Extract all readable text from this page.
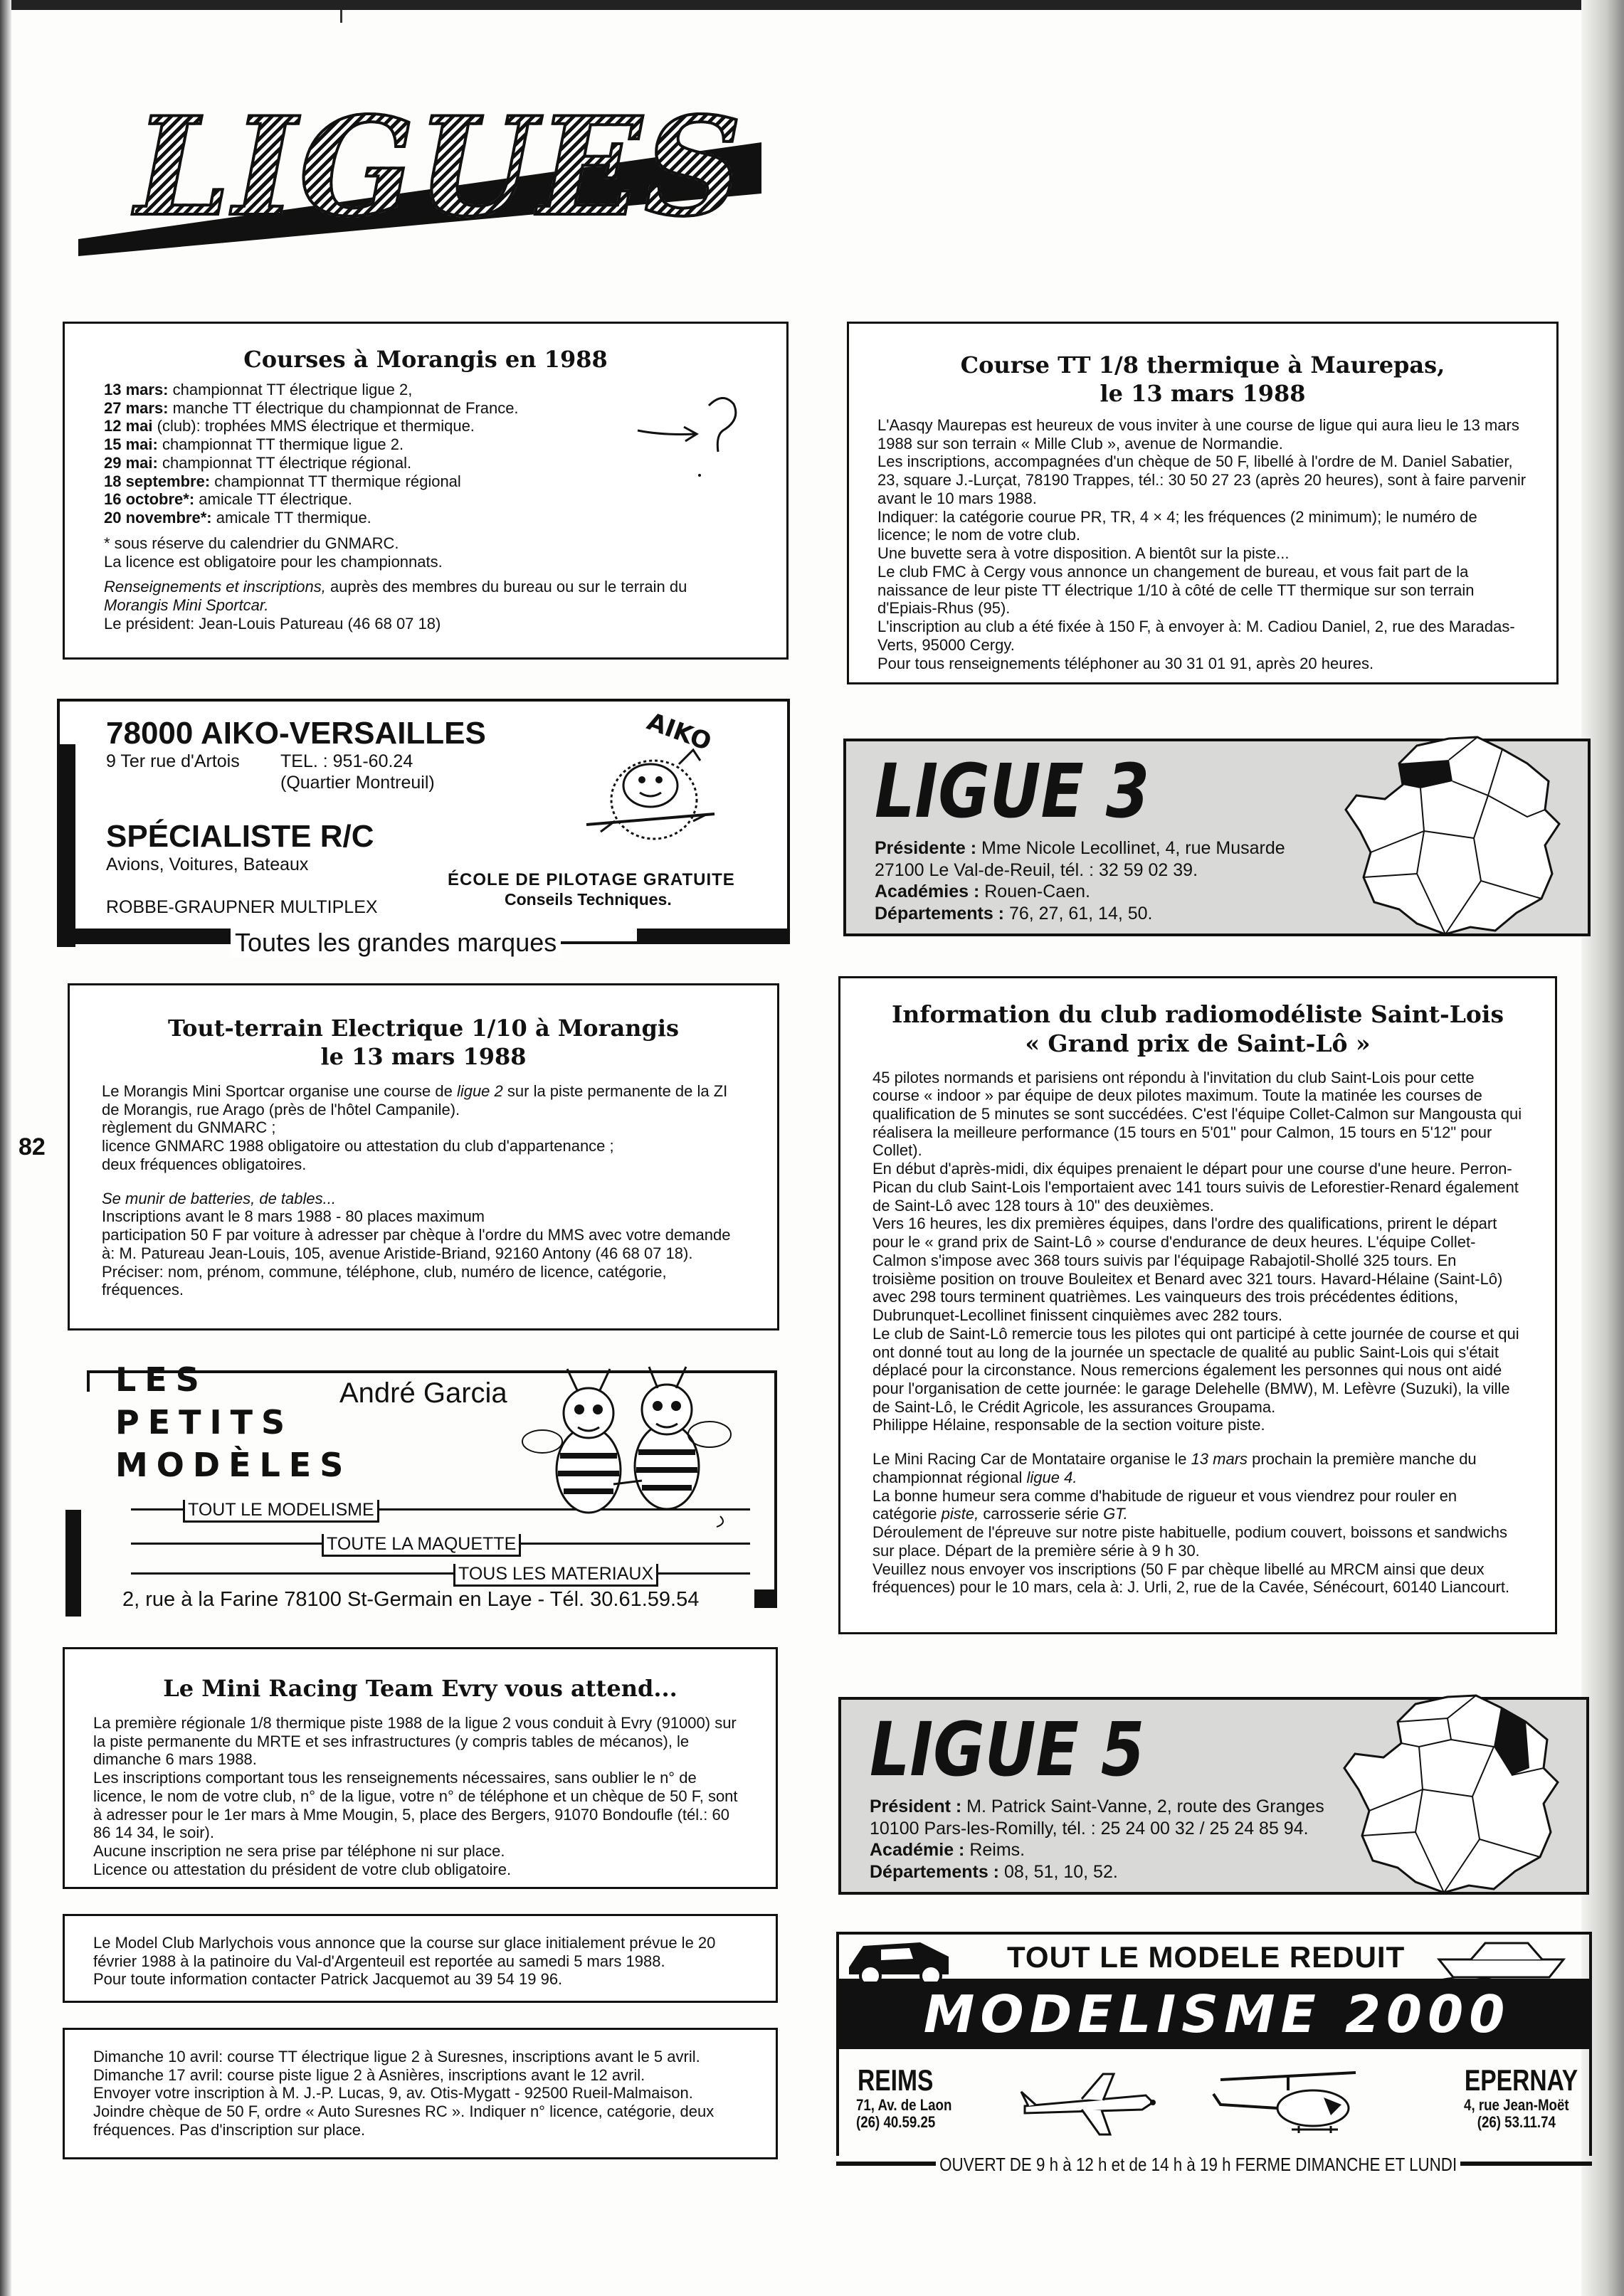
LIGUES
Courses à Morangis en 1988
13 mars: championnat TT électrique ligue 2,
27 mars: manche TT électrique du championnat de France.
12 mai (club): trophées MMS électrique et thermique.
15 mai: championnat TT thermique ligue 2.
29 mai: championnat TT électrique régional.
18 septembre: championnat TT thermique régional
16 octobre*: amicale TT électrique.
20 novembre*: amicale TT thermique.

* sous réserve du calendrier du GNMARC.

La licence est obligatoire pour les championnats.

Renseignements et inscriptions, auprès des membres du bureau ou sur le terrain du

Morangis Mini Sportcar.

Le président: Jean-Louis Patureau (46 68 07 18)

Course TT 1/8 thermique à Maurepas,
le 13 mars 1988

L'Aasqy Maurepas est heureux de vous inviter à une course de ligue qui aura lieu le 13 mars 1988 sur son terrain « Mille Club », avenue de Normandie.
Les inscriptions, accompagnées d'un chèque de 50 F, libellé à l'ordre de M. Daniel Sabatier, 23, square J.-Lurçat, 78190 Trappes, tél.: 30 50 27 23 (après 20 heures), sont à faire parvenir avant le 10 mars 1988.
Indiquer: la catégorie courue PR, TR, 4 × 4; les fréquences (2 minimum); le numéro de licence; le nom de votre club.
Une buvette sera à votre disposition. A bientôt sur la piste...
Le club FMC à Cergy vous annonce un changement de bureau, et vous fait part de la naissance de leur piste TT électrique 1/10 à côté de celle TT thermique sur son terrain d'Epiais-Rhus (95).
L'inscription au club a été fixée à 150 F, à envoyer à: M. Cadiou Daniel, 2, rue des Maradas-Verts, 95000 Cergy.
Pour tous renseignements téléphoner au 30 31 01 91, après 20 heures.

78000 AIKO-VERSAILLES
9 Ter rue d'Artois TEL. : 951-60.24
(Quartier Montreuil)
SPÉCIALISTE R/C
Avions, Voitures, Bateaux
ÉCOLE DE PILOTAGE GRATUITE
Conseils Techniques.
ROBBE-GRAUPNER MULTIPLEX
Toutes les grandes marques
AIKO
LIGUE 3
Présidente : Mme Nicole Lecollinet, 4, rue Musarde
27100 Le Val-de-Reuil, tél. : 32 59 02 39.
Académies : Rouen-Caen.
Départements : 76, 27, 61, 14, 50.
Tout-terrain Electrique 1/10 à Morangis
le 13 mars 1988

Le Morangis Mini Sportcar organise une course de ligue 2 sur la piste permanente de la ZI de Morangis, rue Arago (près de l'hôtel Campanile).

règlement du GNMARC ;

licence GNMARC 1988 obligatoire ou attestation du club d'appartenance ;

deux fréquences obligatoires.

Se munir de batteries, de tables...

Inscriptions avant le 8 mars 1988 - 80 places maximum

participation 50 F par voiture à adresser par chèque à l'ordre du MMS avec votre demande à: M. Patureau Jean-Louis, 105, avenue Aristide-Briand, 92160 Antony (46 68 07 18).

Préciser: nom, prénom, commune, téléphone, club, numéro de licence, catégorie, fréquences.

82
LES
PETITS
MODÈLES
André Garcia
TOUT LE MODELISME
TOUTE LA MAQUETTE
TOUS LES MATERIAUX
2, rue à la Farine 78100 St-Germain en Laye - Tél. 30.61.59.54
Le Mini Racing Team Evry vous attend...

La première régionale 1/8 thermique piste 1988 de la ligue 2 vous conduit à Evry (91000) sur la piste permanente du MRTE et ses infrastructures (y compris tables de mécanos), le dimanche 6 mars 1988.
Les inscriptions comportant tous les renseignements nécessaires, sans oublier le n° de licence, le nom de votre club, n° de la ligue, votre n° de téléphone et un chèque de 50 F, sont à adresser pour le 1er mars à Mme Mougin, 5, place des Bergers, 91070 Bondoufle (tél.: 60 86 14 34, le soir).
Aucune inscription ne sera prise par téléphone ni sur place.
Licence ou attestation du président de votre club obligatoire.

Le Model Club Marlychois vous annonce que la course sur glace initialement prévue le 20 février 1988 à la patinoire du Val-d'Argenteuil est reportée au samedi 5 mars 1988.
Pour toute information contacter Patrick Jacquemot au 39 54 19 96.

Dimanche 10 avril: course TT électrique ligue 2 à Suresnes, inscriptions avant le 5 avril.
Dimanche 17 avril: course piste ligue 2 à Asnières, inscriptions avant le 12 avril.
Envoyer votre inscription à M. J.-P. Lucas, 9, av. Otis-Mygatt - 92500 Rueil-Malmaison.
Joindre chèque de 50 F, ordre « Auto Suresnes RC ». Indiquer n° licence, catégorie, deux fréquences. Pas d'inscription sur place.

Information du club radiomodéliste Saint-Lois
« Grand prix de Saint-Lô »

45 pilotes normands et parisiens ont répondu à l'invitation du club Saint-Lois pour cette course « indoor » par équipe de deux pilotes maximum. Toute la matinée les courses de qualification de 5 minutes se sont succédées. C'est l'équipe Collet-Calmon sur Mangousta qui réalisera la meilleure performance (15 tours en 5'01" pour Calmon, 15 tours en 5'12" pour Collet).
En début d'après-midi, dix équipes prenaient le départ pour une course d'une heure. Perron-Pican du club Saint-Lois l'emportaient avec 141 tours suivis de Leforestier-Renard également de Saint-Lô avec 128 tours à 10" des deuxièmes.
Vers 16 heures, les dix premières équipes, dans l'ordre des qualifications, prirent le départ pour le « grand prix de Saint-Lô » course d'endurance de deux heures. L'équipe Collet-Calmon s'impose avec 368 tours suivis par l'équipage Rabajotil-Shollé 325 tours. En troisième position on trouve Bouleitex et Benard avec 321 tours. Havard-Hélaine (Saint-Lô) avec 298 tours terminent quatrièmes. Les vainqueurs des trois précédentes éditions, Dubrunquet-Lecollinet finissent cinquièmes avec 282 tours.
Le club de Saint-Lô remercie tous les pilotes qui ont participé à cette journée de course et qui ont donné tout au long de la journée un spectacle de qualité au public Saint-Lois qui s'était déplacé pour la circonstance. Nous remercions également les personnes qui nous ont aidé pour l'organisation de cette journée: le garage Delehelle (BMW), M. Lefèvre (Suzuki), la ville de Saint-Lô, le Crédit Agricole, les assurances Groupama.
Philippe Hélaine, responsable de la section voiture piste.

Le Mini Racing Car de Montataire organise le 13 mars prochain la première manche du championnat régional ligue 4.

La bonne humeur sera comme d'habitude de rigueur et vous viendrez pour rouler en catégorie piste, carrosserie série GT.

Déroulement de l'épreuve sur notre piste habituelle, podium couvert, boissons et sandwichs sur place. Départ de la première série à 9 h 30.
Veuillez nous envoyer vos inscriptions (50 F par chèque libellé au MRCM ainsi que deux fréquences) pour le 10 mars, cela à: J. Urli, 2, rue de la Cavée, Sénécourt, 60140 Liancourt.

LIGUE 5
Président : M. Patrick Saint-Vanne, 2, route des Granges
10100 Pars-les-Romilly, tél. : 25 24 00 32 / 25 24 85 94.
Académie : Reims.
Départements : 08, 51, 10, 52.
TOUT LE MODELE REDUIT
MODELISME 2000
REIMS
71, Av. de Laon
(26) 40.59.25
EPERNAY
4, rue Jean-Moët
(26) 53.11.74
OUVERT DE 9 h à 12 h et de 14 h à 19 h FERME DIMANCHE ET LUNDI
